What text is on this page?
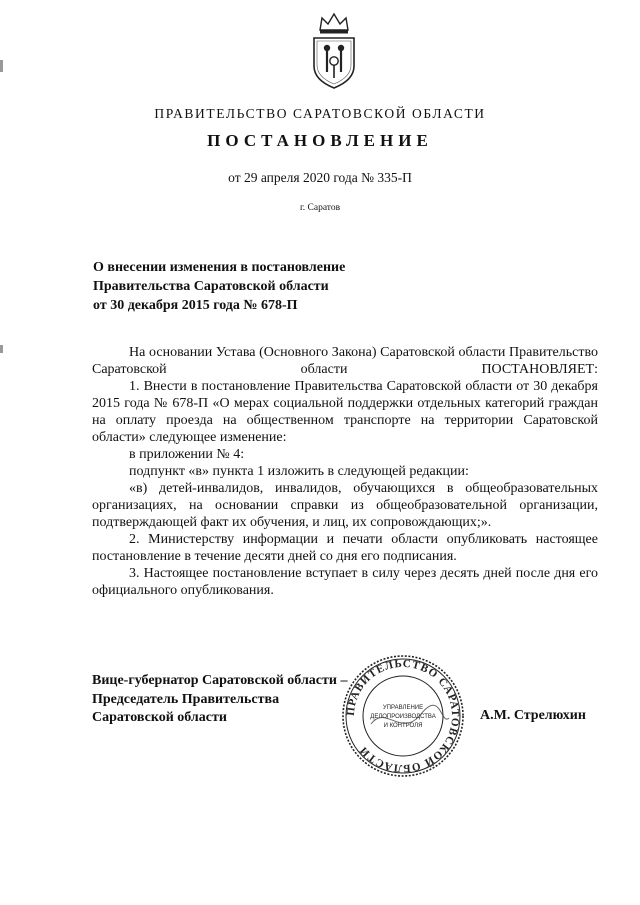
ПРАВИТЕЛЬСТВО САРАТОВСКОЙ ОБЛАСТИ
ПОСТАНОВЛЕНИЕ
от 29 апреля 2020 года № 335-П
г. Саратов
О внесении изменения в постановление
Правительства Саратовской области
от 30 декабря 2015 года № 678-П

На основании Устава (Основного Закона) Саратовской области Правительство Саратовской области ПОСТАНОВЛЯЕТ:

1. Внести в постановление Правительства Саратовской области от 30 декабря 2015 года № 678-П «О мерах социальной поддержки отдельных категорий граждан на оплату проезда на общественном транспорте на территории Саратовской области» следующее изменение:

в приложении № 4:

подпункт «в» пункта 1 изложить в следующей редакции:

«в) детей-инвалидов, инвалидов, обучающихся в общеобразовательных организациях, на основании справки из общеобразовательной организации, подтверждающей факт их обучения, и лиц, их сопровождающих;».

2. Министерству информации и печати области опубликовать настоящее постановление в течение десяти дней со дня его подписания.

3. Настоящее постановление вступает в силу через десять дней после дня его официального опубликования.

Вице-губернатор Саратовской области –
Председатель Правительства
Саратовской области	ПРАВИТЕЛЬСТВО САРАТОВСКОЙ ОБЛАСТИ
УПРАВЛЕНИЕ
ДЕЛОПРОИЗВОДСТВА
И КОНТРОЛЯ
А.М. Стрелюхин
